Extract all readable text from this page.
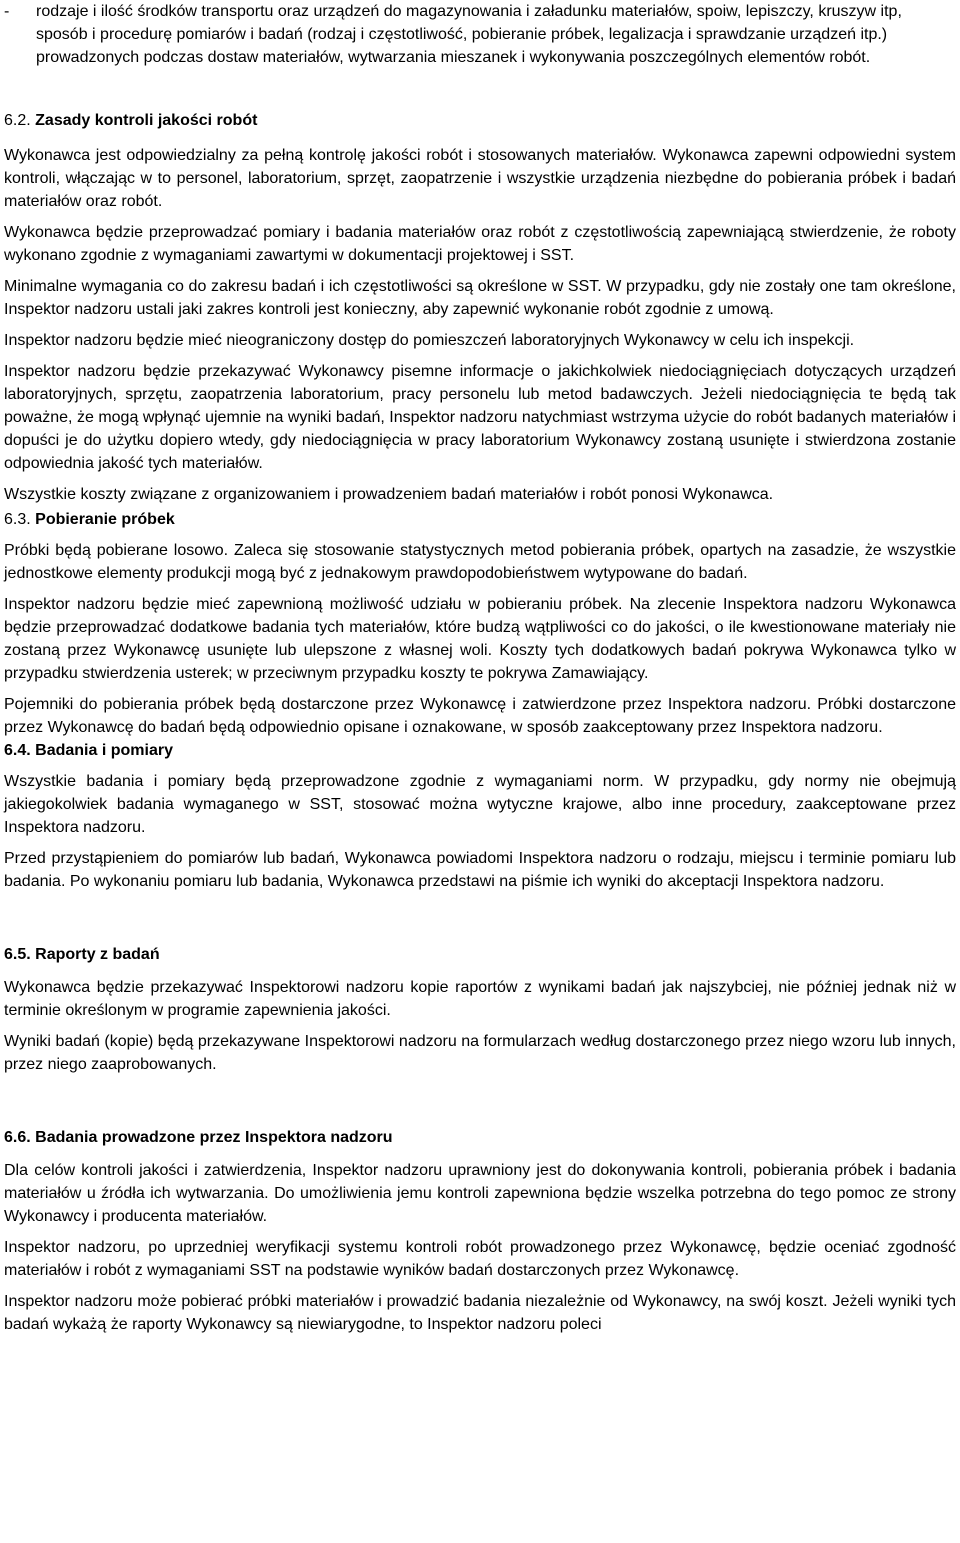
-	rodzaje i ilość środków transportu oraz urządzeń do magazynowania i załadunku materiałów, spoiw, lepiszczy, kruszyw itp, sposób i procedurę pomiarów i badań (rodzaj i częstotliwość, pobieranie próbek, legalizacja i sprawdzanie urządzeń itp.) prowadzonych podczas dostaw materiałów, wytwarzania mieszanek i wykonywania poszczególnych elementów robót.

6.2. Zasady kontroli jakości robót

Wykonawca jest odpowiedzialny za pełną kontrolę jakości robót i stosowanych materiałów. Wykonawca zapewni odpowiedni system kontroli, włączając w to personel, laboratorium, sprzęt, zaopatrzenie i wszystkie urządzenia niezbędne do pobierania próbek i badań materiałów oraz robót.

Wykonawca będzie przeprowadzać pomiary i badania materiałów oraz robót z częstotliwością zapewniającą stwierdzenie, że roboty wykonano zgodnie z wymaganiami zawartymi w dokumentacji projektowej i SST.

Minimalne wymagania co do zakresu badań i ich częstotliwości są określone w SST. W przypadku, gdy nie zostały one tam określone, Inspektor nadzoru ustali jaki zakres kontroli jest konieczny, aby zapewnić wykonanie robót zgodnie z umową.

Inspektor nadzoru będzie mieć nieograniczony dostęp do pomieszczeń laboratoryjnych Wykonawcy w celu ich inspekcji.

Inspektor nadzoru będzie przekazywać Wykonawcy pisemne informacje o jakichkolwiek niedociągnięciach dotyczących urządzeń laboratoryjnych, sprzętu, zaopatrzenia laboratorium, pracy personelu lub metod badawczych. Jeżeli niedociągnięcia te będą tak poważne, że mogą wpłynąć ujemnie na wyniki badań, Inspektor nadzoru natychmiast wstrzyma użycie do robót badanych materiałów i dopuści je do użytku dopiero wtedy, gdy niedociągnięcia w pracy laboratorium Wykonawcy zostaną usunięte i stwierdzona zostanie odpowiednia jakość tych materiałów.

Wszystkie koszty związane z organizowaniem i prowadzeniem badań materiałów i robót ponosi Wykonawca.

6.3. Pobieranie próbek

Próbki będą pobierane losowo. Zaleca się stosowanie statystycznych metod pobierania próbek, opartych na zasadzie, że wszystkie jednostkowe elementy produkcji mogą być z jednakowym prawdopodobieństwem wytypowane do badań.

Inspektor nadzoru będzie mieć zapewnioną możliwość udziału w pobieraniu próbek. Na zlecenie Inspektora nadzoru Wykonawca będzie przeprowadzać dodatkowe badania tych materiałów, które budzą wątpliwości co do jakości, o ile kwestionowane materiały nie zostaną przez Wykonawcę usunięte lub ulepszone z własnej woli. Koszty tych dodatkowych badań pokrywa Wykonawca tylko w przypadku stwierdzenia usterek; w przeciwnym przypadku koszty te pokrywa Zamawiający.

Pojemniki do pobierania próbek będą dostarczone przez Wykonawcę i zatwierdzone przez Inspektora nadzoru. Próbki dostarczone przez Wykonawcę do badań będą odpowiednio opisane i oznakowane, w sposób zaakceptowany przez Inspektora nadzoru.

6.4. Badania i pomiary

Wszystkie badania i pomiary będą przeprowadzone zgodnie z wymaganiami norm. W przypadku, gdy normy nie obejmują jakiegokolwiek badania wymaganego w SST, stosować można wytyczne krajowe, albo inne procedury, zaakceptowane przez Inspektora nadzoru.

Przed przystąpieniem do pomiarów lub badań, Wykonawca powiadomi Inspektora nadzoru o rodzaju, miejscu i terminie pomiaru lub badania. Po wykonaniu pomiaru lub badania, Wykonawca przedstawi na piśmie ich wyniki do akceptacji Inspektora nadzoru.

6.5. Raporty z badań

Wykonawca będzie przekazywać Inspektorowi nadzoru kopie raportów z wynikami badań jak najszybciej, nie później jednak niż w terminie określonym w programie zapewnienia jakości.

Wyniki badań (kopie) będą przekazywane Inspektorowi nadzoru na formularzach według dostarczonego przez niego wzoru lub innych, przez niego zaaprobowanych.

6.6. Badania prowadzone przez Inspektora nadzoru

Dla celów kontroli jakości i zatwierdzenia, Inspektor nadzoru uprawniony jest do dokonywania kontroli, pobierania próbek i badania materiałów u źródła ich wytwarzania. Do umożliwienia jemu kontroli zapewniona będzie wszelka potrzebna do tego pomoc ze strony Wykonawcy i producenta materiałów.

Inspektor nadzoru, po uprzedniej weryfikacji systemu kontroli robót prowadzonego przez Wykonawcę, będzie oceniać zgodność materiałów i robót z wymaganiami SST na podstawie wyników badań dostarczonych przez Wykonawcę.

Inspektor nadzoru może pobierać próbki materiałów i prowadzić badania niezależnie od Wykonawcy, na swój koszt. Jeżeli wyniki tych badań wykażą że raporty Wykonawcy są niewiarygodne, to Inspektor nadzoru poleci
